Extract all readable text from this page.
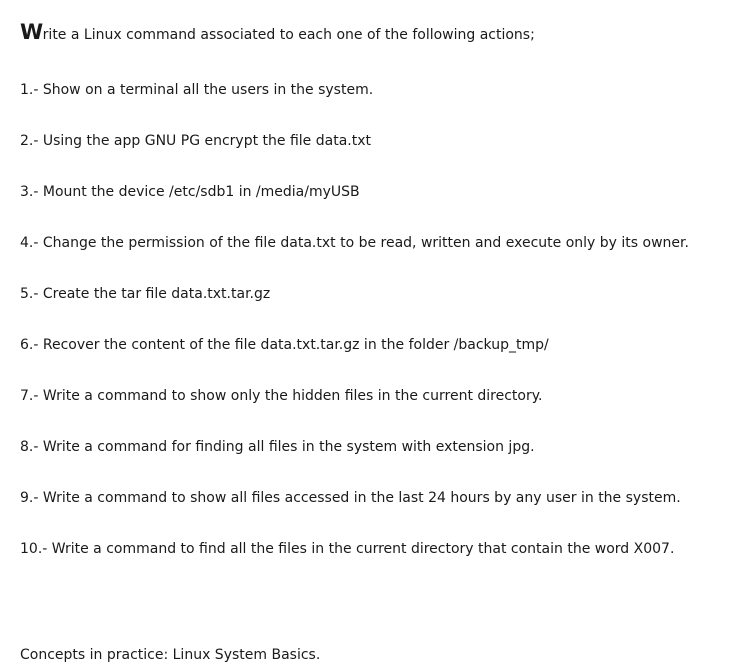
Write a Linux command associated to each one of the following actions;
1.- Show on a terminal all the users in the system.
2.- Using the app GNU PG encrypt the file data.txt
3.- Mount the device /etc/sdb1 in /media/myUSB
4.- Change the permission of the file data.txt to be read, written and execute only by its owner.
5.- Create the tar file data.txt.tar.gz
6.- Recover the content of the file data.txt.tar.gz in the folder /backup_tmp/
7.- Write a command to show only the hidden files in the current directory.
8.- Write a command for finding all files in the system with extension jpg.
9.- Write a command to show all files accessed in the last 24 hours by any user in the system.
10.- Write a command to find all the files in the current directory that contain the word X007.
Concepts in practice: Linux System Basics.
